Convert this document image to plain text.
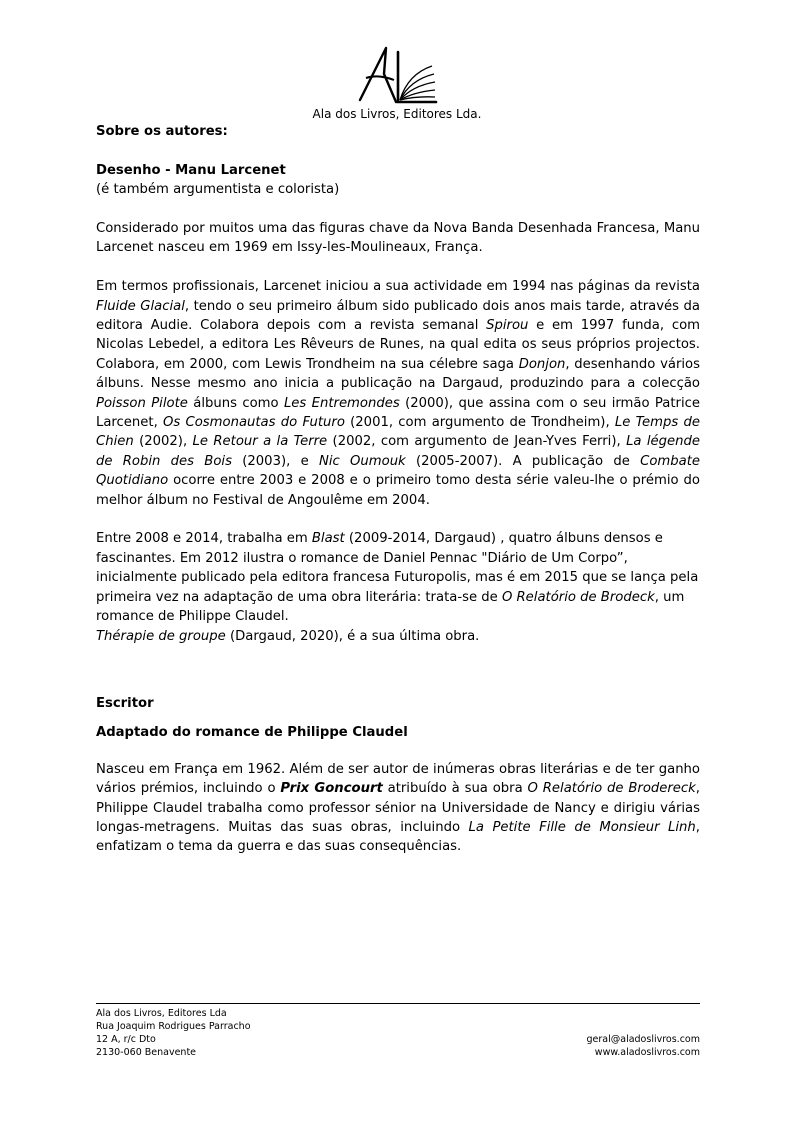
Ala dos Livros, Editores Lda.

Sobre os autores:

Desenho - Manu Larcenet

(é também argumentista e colorista)

Considerado por muitos uma das figuras chave da Nova Banda Desenhada Francesa, Manu Larcenet nasceu em 1969 em Issy-les-Moulineaux, França.

Em termos profissionais, Larcenet iniciou a sua actividade em 1994 nas páginas da revista Fluide Glacial, tendo o seu primeiro álbum sido publicado dois anos mais tarde, através da editora Audie. Colabora depois com a revista semanal Spirou e em 1997 funda, com Nicolas Lebedel, a editora Les Rêveurs de Runes, na qual edita os seus próprios projectos. Colabora, em 2000, com Lewis Trondheim na sua célebre saga Donjon, desenhando vários álbuns. Nesse mesmo ano inicia a publicação na Dargaud, produzindo para a colecção Poisson Pilote álbuns como Les Entremondes (2000), que assina com o seu irmão Patrice Larcenet, Os Cosmonautas do Futuro (2001, com argumento de Trondheim), Le Temps de Chien (2002), Le Retour a la Terre (2002, com argumento de Jean-Yves Ferri), La légende de Robin des Bois (2003), e Nic Oumouk (2005-2007). A publicação de Combate Quotidiano ocorre entre 2003 e 2008 e o primeiro tomo desta série valeu-lhe o prémio do melhor álbum no Festival de Angoulême em 2004.

Entre 2008 e 2014, trabalha em Blast (2009-2014, Dargaud) , quatro álbuns densos e fascinantes. Em 2012 ilustra o romance de Daniel Pennac "Diário de Um Corpo”, inicialmente publicado pela editora francesa Futuropolis, mas é em 2015 que se lança pela primeira vez na adaptação de uma obra literária: trata-se de O Relatório de Brodeck, um romance de Philippe Claudel.

Thérapie de groupe (Dargaud, 2020), é a sua última obra.

Escritor

Adaptado do romance de Philippe Claudel

Nasceu em França em 1962. Além de ser autor de inúmeras obras literárias e de ter ganho vários prémios, incluindo o Prix Goncourt atribuído à sua obra O Relatório de Brodereck, Philippe Claudel trabalha como professor sénior na Universidade de Nancy e dirigiu várias longas-metragens. Muitas das suas obras, incluindo La Petite Fille de Monsieur Linh, enfatizam o tema da guerra e das suas consequências.

Ala dos Livros, Editores Lda
Rua Joaquim Rodrigues Parracho
12 A, r/c Dto
2130-060 Benavente
geral@aladoslivros.com
www.aladoslivros.com
